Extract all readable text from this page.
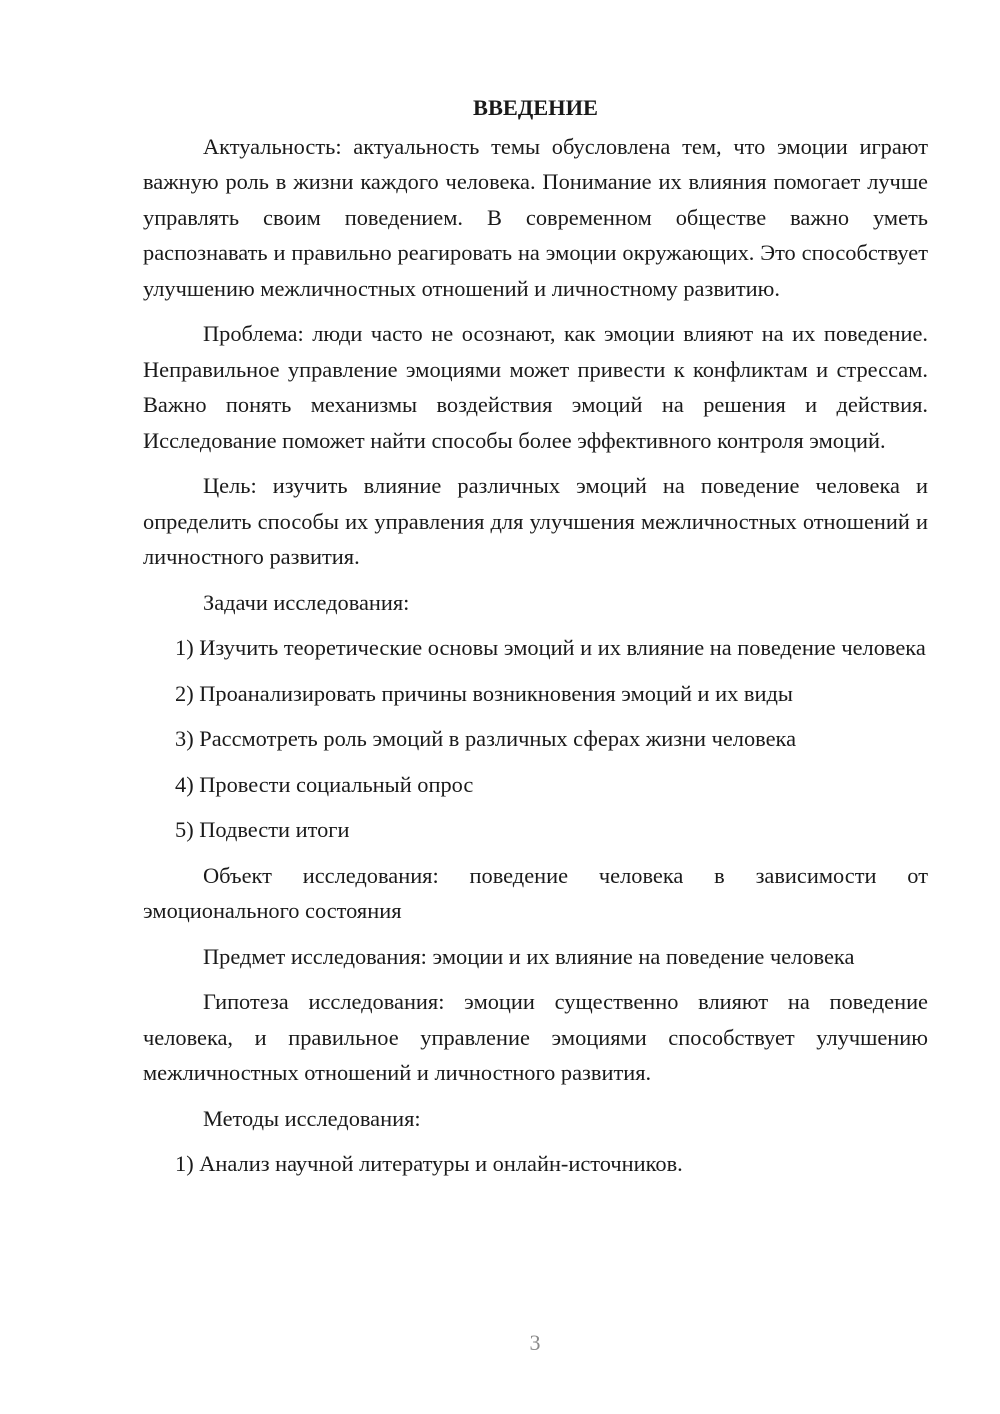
ВВЕДЕНИЕ

Актуальность: актуальность темы обусловлена тем, что эмоции играют важную роль в жизни каждого человека. Понимание их влияния помогает лучше управлять своим поведением. В современном обществе важно уметь распознавать и правильно реагировать на эмоции окружающих. Это способствует улучшению межличностных отношений и личностному развитию.

Проблема: люди часто не осознают, как эмоции влияют на их поведение. Неправильное управление эмоциями может привести к конфликтам и стрессам. Важно понять механизмы воздействия эмоций на решения и действия. Исследование поможет найти способы более эффективного контроля эмоций.

Цель: изучить влияние различных эмоций на поведение человека и определить способы их управления для улучшения межличностных отношений и личностного развития.

Задачи исследования:

1) Изучить теоретические основы эмоций и их влияние на поведение человека

2) Проанализировать причины возникновения эмоций и их виды

3) Рассмотреть роль эмоций в различных сферах жизни человека

4) Провести социальный опрос

5) Подвести итоги

Объект исследования: поведение человека в зависимости от эмоционального состояния

Предмет исследования: эмоции и их влияние на поведение человека

Гипотеза исследования: эмоции существенно влияют на поведение человека, и правильное управление эмоциями способствует улучшению межличностных отношений и личностного развития.

Методы исследования:

1) Анализ научной литературы и онлайн-источников.

3
